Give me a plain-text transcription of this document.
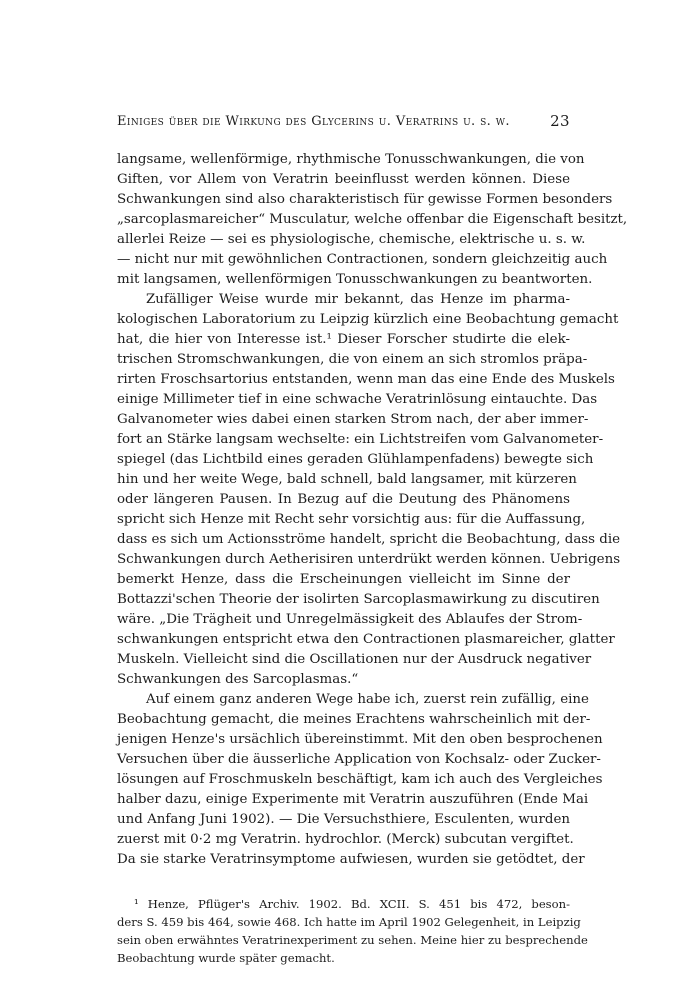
Einiges über die Wirkung des Glycerins u. Veratrins u. s. w.	23
langsame, wellenförmige, rhythmische Tonusschwankungen, die von
Giften, vor Allem von Veratrin beeinflusst werden können. Diese
Schwankungen sind also charakteristisch für gewisse Formen besonders
„sarcoplasmareicher“ Musculatur, welche offenbar die Eigenschaft besitzt,
allerlei Reize — sei es physiologische, chemische, elektrische u. s. w.
— nicht nur mit gewöhnlichen Contractionen, sondern gleichzeitig auch
mit langsamen, wellenförmigen Tonusschwankungen zu beantworten.
Zufälliger Weise wurde mir bekannt, das Henze im pharma-
kologischen Laboratorium zu Leipzig kürzlich eine Beobachtung gemacht
hat, die hier von Interesse ist.¹ Dieser Forscher studirte die elek-
trischen Stromschwankungen, die von einem an sich stromlos präpa-
rirten Froschsartorius entstanden, wenn man das eine Ende des Muskels
einige Millimeter tief in eine schwache Veratrinlösung eintauchte. Das
Galvanometer wies dabei einen starken Strom nach, der aber immer-
fort an Stärke langsam wechselte: ein Lichtstreifen vom Galvanometer-
spiegel (das Lichtbild eines geraden Glühlampenfadens) bewegte sich
hin und her weite Wege, bald schnell, bald langsamer, mit kürzeren
oder längeren Pausen. In Bezug auf die Deutung des Phänomens
spricht sich Henze mit Recht sehr vorsichtig aus: für die Auffassung,
dass es sich um Actionsströme handelt, spricht die Beobachtung, dass die
Schwankungen durch Aetherisiren unterdrükt werden können. Uebrigens
bemerkt Henze, dass die Erscheinungen vielleicht im Sinne der
Bottazzi'schen Theorie der isolirten Sarcoplasmawirkung zu discutiren
wäre. „Die Trägheit und Unregelmässigkeit des Ablaufes der Strom-
schwankungen entspricht etwa den Contractionen plasmareicher, glatter
Muskeln. Vielleicht sind die Oscillationen nur der Ausdruck negativer
Schwankungen des Sarcoplasmas.“
Auf einem ganz anderen Wege habe ich, zuerst rein zufällig, eine
Beobachtung gemacht, die meines Erachtens wahrscheinlich mit der-
jenigen Henze's ursächlich übereinstimmt. Mit den oben besprochenen
Versuchen über die äusserliche Application von Kochsalz- oder Zucker-
lösungen auf Froschmuskeln beschäftigt, kam ich auch des Vergleiches
halber dazu, einige Experimente mit Veratrin auszuführen (Ende Mai
und Anfang Juni 1902). — Die Versuchsthiere, Esculenten, wurden
zuerst mit 0·2 mg Veratrin. hydrochlor. (Merck) subcutan vergiftet.
Da sie starke Veratrinsymptome aufwiesen, wurden sie getödtet, der
¹ Henze, Pflüger's Archiv. 1902. Bd. XCII. S. 451 bis 472, beson-
ders S. 459 bis 464, sowie 468. Ich hatte im April 1902 Gelegenheit, in Leipzig
sein oben erwähntes Veratrinexperiment zu sehen. Meine hier zu besprechende
Beobachtung wurde später gemacht.
